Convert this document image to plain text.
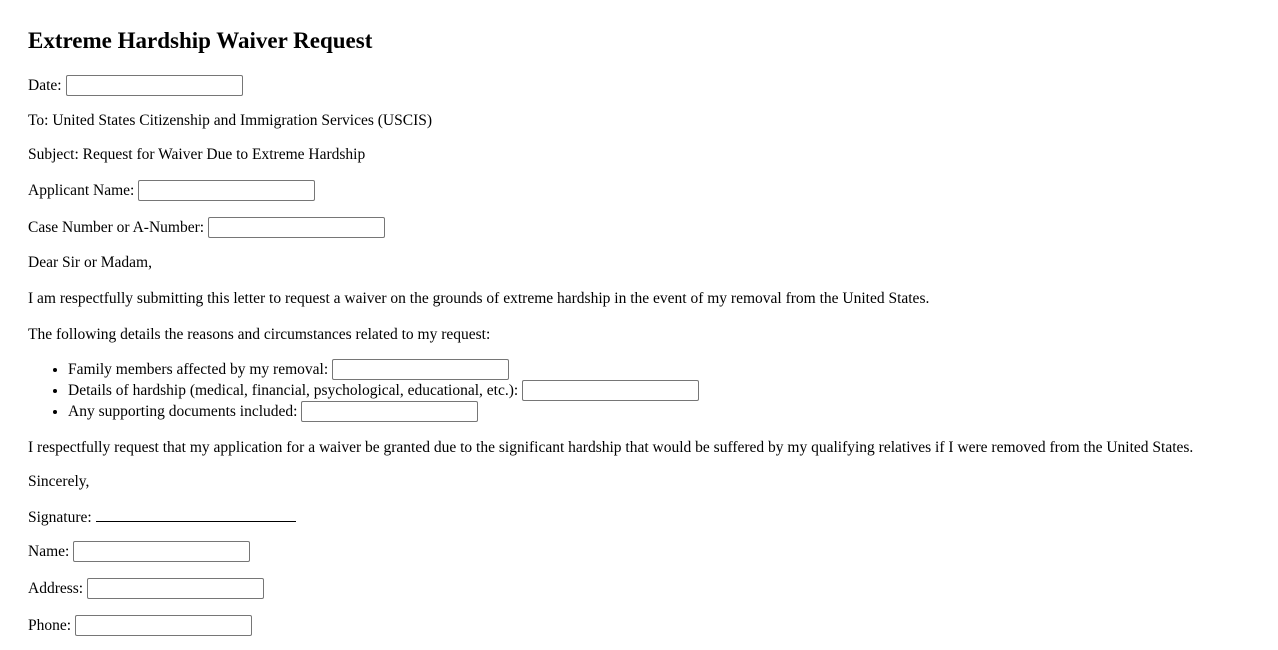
Extreme Hardship Waiver Request
Date:
To: United States Citizenship and Immigration Services (USCIS)
Subject: Request for Waiver Due to Extreme Hardship
Applicant Name:
Case Number or A-Number:
Dear Sir or Madam,
I am respectfully submitting this letter to request a waiver on the grounds of extreme hardship in the event of my removal from the United States.
The following details the reasons and circumstances related to my request:
• Family members affected by my removal:
• Details of hardship (medical, financial, psychological, educational, etc.):
• Any supporting documents included:
I respectfully request that my application for a waiver be granted due to the significant hardship that would be suffered by my qualifying relatives if I were removed from the United States.
Sincerely,
Signature:
Name:
Address:
Phone:
